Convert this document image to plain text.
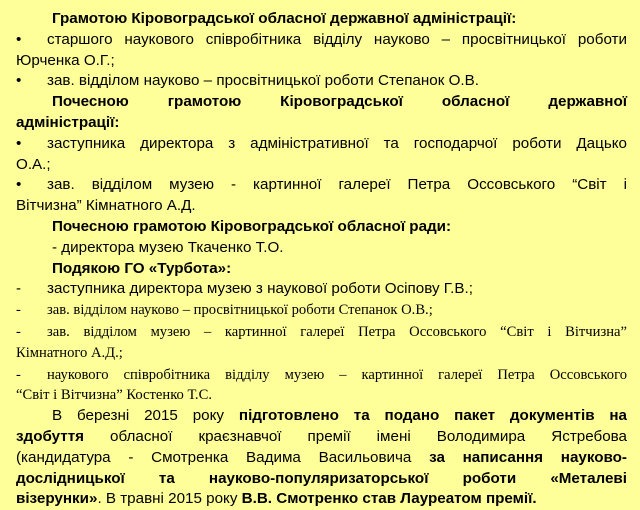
Грамотою Кіровоградської обласної державної адміністрації:
•	старшого наукового співробітника відділу науково – просвітницької роботи
Юрченка О.Г.;
•	зав. відділом науково – просвітницької роботи Степанок О.В.
Почесною грамотою Кіровоградської обласної державної
адміністрації:
•	заступника директора з адміністративної та господарчої роботи Дацько
О.А.;
•	зав. відділом музею - картинної галереї Петра Оссовського “Світ і
Вітчизна” Кімнатного А.Д.
Почесною грамотою Кіровоградської обласної ради:
- директора музею Ткаченко Т.О.
Подякою ГО «Турбота»:
-	заступника директора музею з наукової роботи Осіпову Г.В.;
-	зав. відділом науково – просвітницької роботи Степанок О.В.;
-	зав. відділом музею – картинної галереї Петра Оссовського “Світ і Вітчизна”
Кімнатного А.Д.;
-	наукового співробітника відділу музею – картинної галереї Петра Оссовського
“Світ і Вітчизна” Костенко Т.С.
В березні 2015 року підготовлено та подано пакет документів на
здобуття обласної краєзнавчої премії імені Володимира Ястребова
(кандидатура - Смотренка Вадима Васильовича за написання науково-
дослідницької та науково-популяризаторської роботи «Металеві
візерунки». В травні 2015 року В.В. Смотренко став Лауреатом премії.
